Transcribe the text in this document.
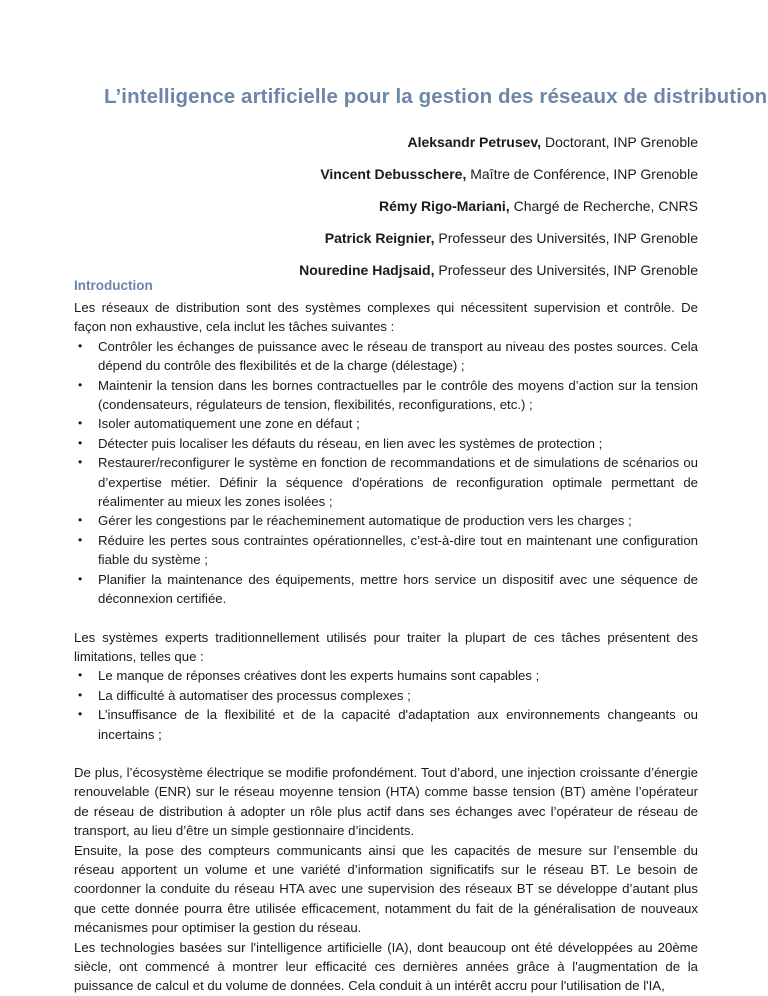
L’intelligence artificielle pour la gestion des réseaux de distribution
Aleksandr Petrusev, Doctorant, INP Grenoble
Vincent Debusschere, Maître de Conférence, INP Grenoble
Rémy Rigo-Mariani, Chargé de Recherche, CNRS
Patrick Reignier, Professeur des Universités, INP Grenoble
Nouredine Hadjsaid, Professeur des Universités, INP Grenoble
Introduction

Les réseaux de distribution sont des systèmes complexes qui nécessitent supervision et contrôle. De façon non exhaustive, cela inclut les tâches suivantes :

• Contrôler les échanges de puissance avec le réseau de transport au niveau des postes sources. Cela dépend du contrôle des flexibilités et de la charge (délestage) ;
• Maintenir la tension dans les bornes contractuelles par le contrôle des moyens d’action sur la tension (condensateurs, régulateurs de tension, flexibilités, reconfigurations, etc.) ;
• Isoler automatiquement une zone en défaut ;
• Détecter puis localiser les défauts du réseau, en lien avec les systèmes de protection ;
• Restaurer/reconfigurer le système en fonction de recommandations et de simulations de scénarios ou d’expertise métier. Définir la séquence d'opérations de reconfiguration optimale permettant de réalimenter au mieux les zones isolées ;
• Gérer les congestions par le réacheminement automatique de production vers les charges ;
• Réduire les pertes sous contraintes opérationnelles, c’est-à-dire tout en maintenant une configuration fiable du système ;
• Planifier la maintenance des équipements, mettre hors service un dispositif avec une séquence de déconnexion certifiée.

Les systèmes experts traditionnellement utilisés pour traiter la plupart de ces tâches présentent des limitations, telles que :

• Le manque de réponses créatives dont les experts humains sont capables ;
• La difficulté à automatiser des processus complexes ;
• L’insuffisance de la flexibilité et de la capacité d'adaptation aux environnements changeants ou incertains ;

De plus, l’écosystème électrique se modifie profondément. Tout d’abord, une injection croissante d’énergie renouvelable (ENR) sur le réseau moyenne tension (HTA) comme basse tension (BT) amène l’opérateur de réseau de distribution à adopter un rôle plus actif dans ses échanges avec l’opérateur de réseau de transport, au lieu d’être un simple gestionnaire d’incidents.

Ensuite, la pose des compteurs communicants ainsi que les capacités de mesure sur l’ensemble du réseau apportent un volume et une variété d’information significatifs sur le réseau BT. Le besoin de coordonner la conduite du réseau HTA avec une supervision des réseaux BT se développe d’autant plus que cette donnée pourra être utilisée efficacement, notamment du fait de la généralisation de nouveaux mécanismes pour optimiser la gestion du réseau.

Les technologies basées sur l'intelligence artificielle (IA), dont beaucoup ont été développées au 20ème siècle, ont commencé à montrer leur efficacité ces dernières années grâce à l'augmentation de la puissance de calcul et du volume de données. Cela conduit à un intérêt accru pour l'utilisation de l'IA,
